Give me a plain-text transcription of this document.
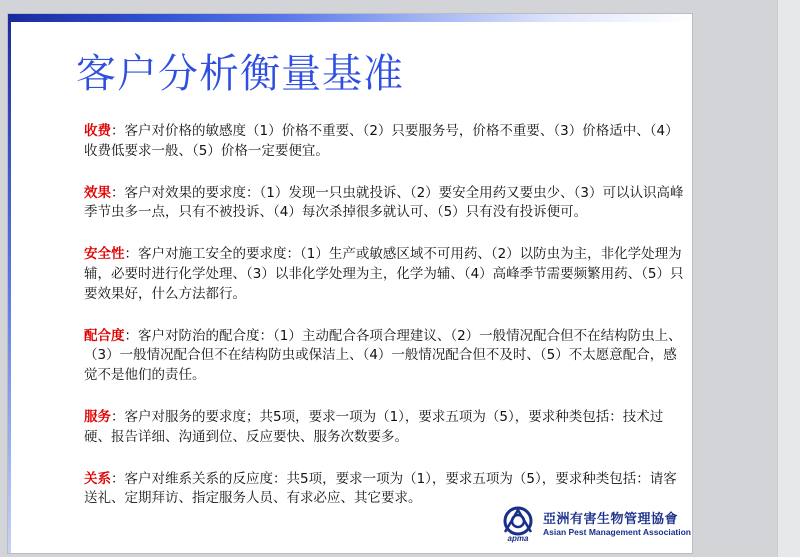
客户分析衡量基准

收费：客户对价格的敏感度（1）价格不重要、（2）只要服务号，价格不重要、（3）价格适中、（4）收费低要求一般、（5）价格一定要便宜。

效果：客户对效果的要求度：（1）发现一只虫就投诉、（2）要安全用药又要虫少、（3）可以认识高峰季节虫多一点，只有不被投诉、（4）每次杀掉很多就认可、（5）只有没有投诉便可。

安全性：客户对施工安全的要求度：（1）生产或敏感区域不可用药、（2）以防虫为主，非化学处理为辅，必要时进行化学处理、（3）以非化学处理为主，化学为辅、（4）高峰季节需要频繁用药、（5）只要效果好，什么方法都行。

配合度：客户对防治的配合度：（1）主动配合各项合理建议、（2）一般情况配合但不在结构防虫上、（3）一般情况配合但不在结构防虫或保洁上、（4）一般情况配合但不及时、（5）不太愿意配合，感觉不是他们的责任。

服务：客户对服务的要求度；共5项，要求一项为（1），要求五项为（5），要求种类包括：技术过硬、报告详细、沟通到位、反应要快、服务次数要多。

关系：客户对维系关系的反应度：共5项，要求一项为（1），要求五项为（5），要求种类包括：请客送礼、定期拜访、指定服务人员、有求必应、其它要求。

apma
亞洲有害生物管理協會
Asian Pest Management Association
